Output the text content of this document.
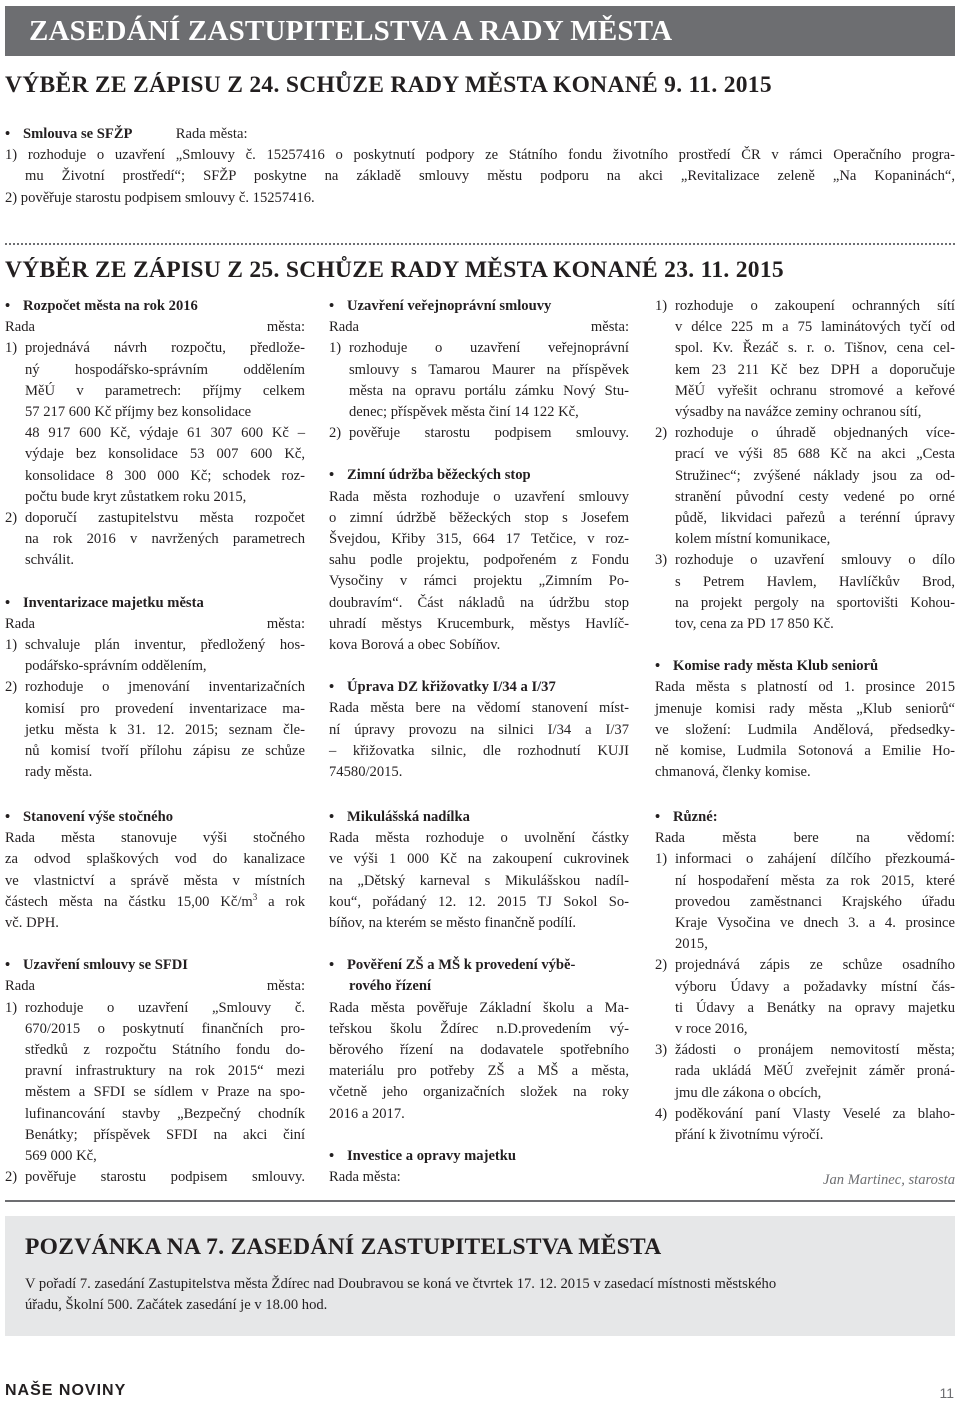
ZASEDÁNÍ ZASTUPITELSTVA A RADY MĚSTA
VÝBĚR ZE ZÁPISU Z 24. SCHŮZE RADY MĚSTA KONANÉ 9. 11. 2015
• Smlouva se SFŽP	Rada města:
1) rozhoduje o uzavření „Smlouvy č. 15257416 o poskytnutí podpory ze Státního fondu životního prostředí ČR v rámci Operačního progra-
mu Životní prostředí“; SFŽP poskytne na základě smlouvy městu podporu na akci „Revitalizace zeleně „Na Kopaninách“,
2) pověřuje starostu podpisem smlouvy č. 15257416.
VÝBĚR ZE ZÁPISU Z 25. SCHŮZE RADY MĚSTA KONANÉ 23. 11. 2015
• Rozpočet města na rok 2016
Rada města:
1) projednává návrh rozpočtu, předlože-
ný hospodářsko-správním oddělením
MěÚ v parametrech: příjmy celkem
57 217 600 Kč příjmy bez konsolidace
48 917 600 Kč, výdaje 61 307 600 Kč –
výdaje bez konsolidace 53 007 600 Kč,
konsolidace 8 300 000 Kč; schodek roz-
počtu bude kryt zůstatkem roku 2015,
2) doporučí zastupitelstvu města rozpočet
na rok 2016 v navržených parametrech
schválit.
• Inventarizace majetku města
Rada města:
1) schvaluje plán inventur, předložený hos-
podářsko-správním oddělením,
2) rozhoduje o jmenování inventarizačních
komisí pro provedení inventarizace ma-
jetku města k 31. 12. 2015; seznam čle-
nů komisí tvoří přílohu zápisu ze schůze
rady města.
• Uzavření veřejnoprávní smlouvy
Rada města:
1) rozhoduje o uzavření veřejnoprávní
smlouvy s Tamarou Maurer na příspěvek
města na opravu portálu zámku Nový Stu-
denec; příspěvek města činí 14 122 Kč,
2) pověřuje starostu podpisem smlouvy.
• Zimní údržba běžeckých stop
Rada města rozhoduje o uzavření smlouvy
o zimní údržbě běžeckých stop s Josefem
Švejdou, Křiby 315, 664 17 Tetčice, v roz-
sahu podle projektu, podpořeném z Fondu
Vysočiny v rámci projektu „Zimním Po-
doubravím“. Část nákladů na údržbu stop
uhradí městys Krucemburk, městys Havlíč-
kova Borová a obec Sobíňov.
• Úprava DZ křižovatky I/34 a I/37
Rada města bere na vědomí stanovení míst-
ní úpravy provozu na silnici I/34 a I/37
– křižovatka silnic, dle rozhodnutí KUJI
74580/2015.
1) rozhoduje o zakoupení ochranných sítí
v délce 225 m a 75 laminátových tyčí od
spol. Kv. Řezáč s. r. o. Tišnov, cena cel-
kem 23 211 Kč bez DPH a doporučuje
MěÚ vyřešit ochranu stromové a keřové
výsadby na navážce zeminy ochranou sítí,
2) rozhoduje o úhradě objednaných více-
prací ve výši 85 688 Kč na akci „Cesta
Stružinec“; zvýšené náklady jsou za od-
stranění původní cesty vedené po orné
půdě, likvidaci pařezů a terénní úpravy
kolem místní komunikace,
3) rozhoduje o uzavření smlouvy o dílo
s Petrem Havlem, Havlíčkův Brod,
na projekt pergoly na sportovišti Kohou-
tov, cena za PD 17 850 Kč.
• Komise rady města Klub seniorů
Rada města s platností od 1. prosince 2015
jmenuje komisi rady města „Klub seniorů“
ve složení: Ludmila Andělová, předsedky-
ně komise, Ludmila Sotonová a Emilie Ho-
chmanová, členky komise.
• Stanovení výše stočného
Rada města stanovuje výši stočného
za odvod splaškových vod do kanalizace
ve vlastnictví a správě města v místních
částech města na částku 15,00 $Kč/m^3$ a rok
vč. DPH.
• Uzavření smlouvy se SFDI
Rada města:
1) rozhoduje o uzavření „Smlouvy č.
670/2015 o poskytnutí finančních pro-
středků z rozpočtu Státního fondu do-
pravní infrastruktury na rok 2015“ mezi
městem a SFDI se sídlem v Praze na spo-
lufinancování stavby „Bezpečný chodník
Benátky; příspěvek SFDI na akci činí
569 000 Kč,
2) pověřuje starostu podpisem smlouvy.
• Mikulášská nadílka
Rada města rozhoduje o uvolnění částky
ve výši 1 000 Kč na zakoupení cukrovinek
na „Dětský karneval s Mikulášskou nadíl-
kou“, pořádaný 12. 12. 2015 TJ Sokol So-
bíňov, na kterém se město finančně podílí.
• Pověření ZŠ a MŠ k provedení výbě-
rového řízení
Rada města pověřuje Základní školu a Ma-
teřskou školu Ždírec n.D.provedením vý-
běrového řízení na dodavatele spotřebního
materiálu pro potřeby ZŠ a MŠ a města,
včetně jeho organizačních složek na roky
2016 a 2017.
• Investice a opravy majetku
Rada města:
• Různé:
Rada města bere na vědomí:
1) informaci o zahájení dílčího přezkoumá-
ní hospodaření města za rok 2015, které
provedou zaměstnanci Krajského úřadu
Kraje Vysočina ve dnech 3. a 4. prosince
2015,
2) projednává zápis ze schůze osadního
výboru Údavy a požadavky místní čás-
ti Údavy a Benátky na opravy majetku
v roce 2016,
3) žádosti o pronájem nemovitostí města;
rada ukládá MěÚ zveřejnit záměr proná-
jmu dle zákona o obcích,
4) poděkování paní Vlasty Veselé za blaho-
přání k životnímu výročí.
Jan Martinec, starosta
POZVÁNKA NA 7. ZASEDÁNÍ ZASTUPITELSTVA MĚSTA
V pořadí 7. zasedání Zastupitelstva města Ždírec nad Doubravou se koná ve čtvrtek 17. 12. 2015 v zasedací místnosti městského
úřadu, Školní 500. Začátek zasedání je v 18.00 hod.
NAŠE NOVINY	11
